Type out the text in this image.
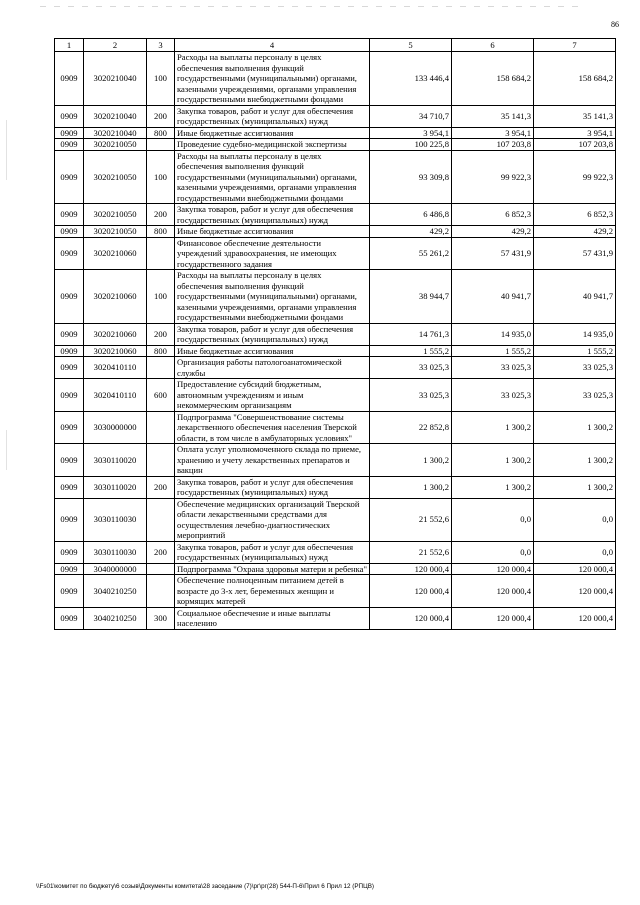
86
1	2	3	4	5	6	7
0909	3020210040	100	Расходы на выплаты персоналу в целях обеспечения выполнения функций государственными (муниципальными) органами, казенными учреждениями, органами управления государственными внебюджетными фондами	133 446,4	158 684,2	158 684,2
0909	3020210040	200	Закупка товаров, работ и услуг для обеспечения государственных (муниципальных) нужд	34 710,7	35 141,3	35 141,3
0909	3020210040	800	Иные бюджетные ассигнования	3 954,1	3 954,1	3 954,1
0909	3020210050		Проведение судебно-медицинской экспертизы	100 225,8	107 203,8	107 203,8
0909	3020210050	100	Расходы на выплаты персоналу в целях обеспечения выполнения функций государственными (муниципальными) органами, казенными учреждениями, органами управления государственными внебюджетными фондами	93 309,8	99 922,3	99 922,3
0909	3020210050	200	Закупка товаров, работ и услуг для обеспечения государственных (муниципальных) нужд	6 486,8	6 852,3	6 852,3
0909	3020210050	800	Иные бюджетные ассигнования	429,2	429,2	429,2
0909	3020210060		Финансовое обеспечение деятельности учреждений здравоохранения, не имеющих государственного задания	55 261,2	57 431,9	57 431,9
0909	3020210060	100	Расходы на выплаты персоналу в целях обеспечения выполнения функций государственными (муниципальными) органами, казенными учреждениями, органами управления государственными внебюджетными фондами	38 944,7	40 941,7	40 941,7
0909	3020210060	200	Закупка товаров, работ и услуг для обеспечения государственных (муниципальных) нужд	14 761,3	14 935,0	14 935,0
0909	3020210060	800	Иные бюджетные ассигнования	1 555,2	1 555,2	1 555,2
0909	3020410110		Организация работы патологоанатомической службы	33 025,3	33 025,3	33 025,3
0909	3020410110	600	Предоставление субсидий бюджетным, автономным учреждениям и иным некоммерческим организациям	33 025,3	33 025,3	33 025,3
0909	3030000000		Подпрограмма "Совершенствование системы лекарственного обеспечения населения Тверской области, в том числе в амбулаторных условиях"	22 852,8	1 300,2	1 300,2
0909	3030110020		Оплата услуг уполномоченного склада по приеме, хранению и учету лекарственных препаратов и вакцин	1 300,2	1 300,2	1 300,2
0909	3030110020	200	Закупка товаров, работ и услуг для обеспечения государственных (муниципальных) нужд	1 300,2	1 300,2	1 300,2
0909	3030110030		Обеспечение медицинских организаций Тверской области лекарственными средствами для осуществления лечебно-диагностических мероприятий	21 552,6	0,0	0,0
0909	3030110030	200	Закупка товаров, работ и услуг для обеспечения государственных (муниципальных) нужд	21 552,6	0,0	0,0
0909	3040000000		Подпрограмма "Охрана здоровья матери и ребенка"	120 000,4	120 000,4	120 000,4
0909	3040210250		Обеспечение полноценным питанием детей в возрасте до 3-х лет, беременных женщин и кормящих матерей	120 000,4	120 000,4	120 000,4
0909	3040210250	300	Социальное обеспечение и иные выплаты населению	120 000,4	120 000,4	120 000,4
\\Fs01\комитет по бюджету\6 созыв\Документы комитета\28 заседание (7)\рг\рг(28) 544-П-6\Прил 6 Прил 12 (РПЦВ)
